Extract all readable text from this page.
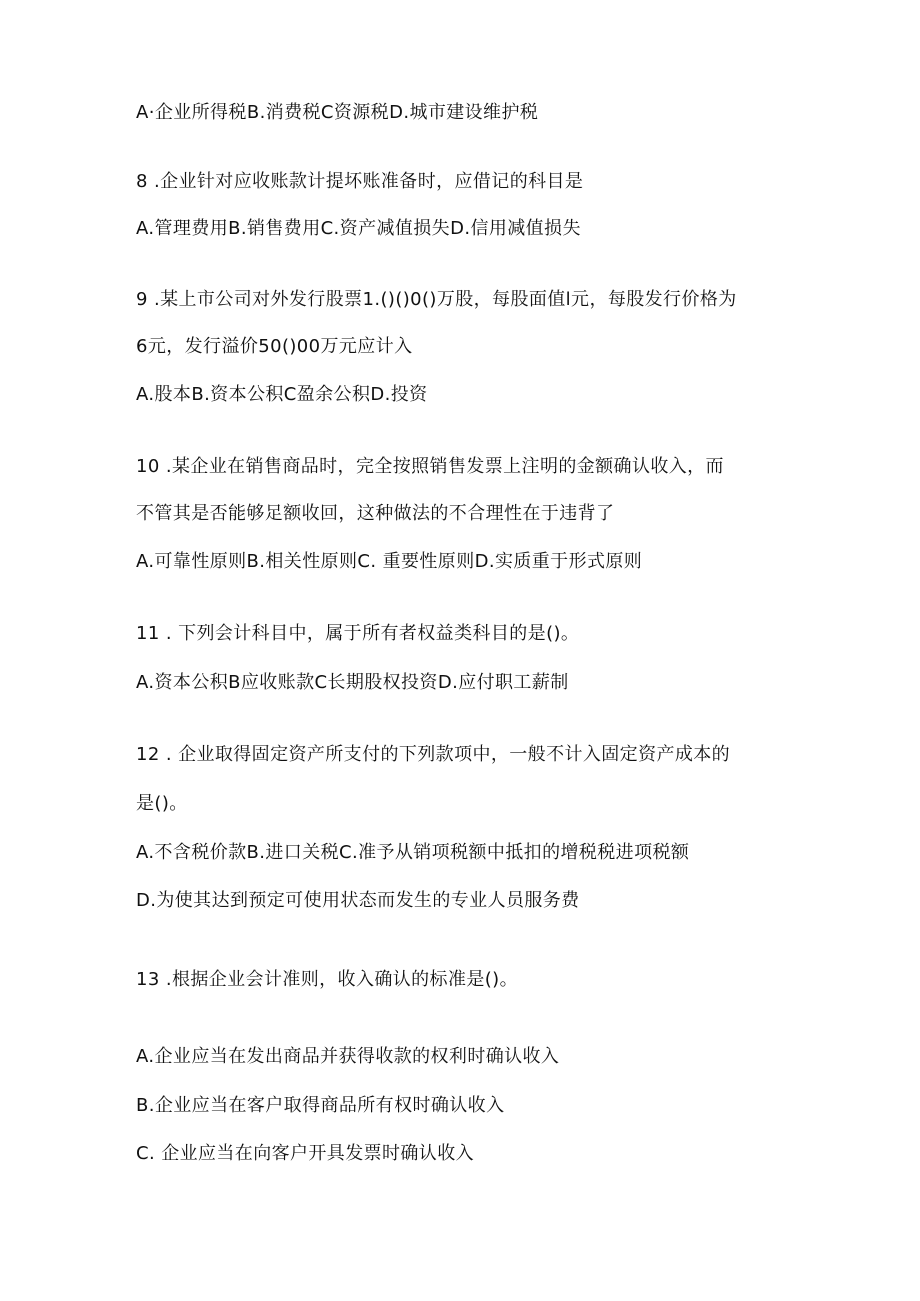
A·企业所得税B.消费税C资源税D.城市建设维护税
8 .企业针对应收账款计提坏账准备时，应借记的科目是
A.管理费用B.销售费用C.资产减值损失D.信用减值损失
9 .某上市公司对外发行股票1.()()0()万股，每股面值l元，每股发行价格为
6元，发行溢价50()00万元应计入
A.股本B.资本公积C盈余公积D.投资
10 .某企业在销售商品时，完全按照销售发票上注明的金额确认收入，而
不管其是否能够足额收回，这种做法的不合理性在于违背了
A.可靠性原则B.相关性原则C. 重要性原则D.实质重于形式原则
11 . 下列会计科目中，属于所有者权益类科目的是()。
A.资本公积B应收账款C长期股权投资D.应付职工薪制
12 . 企业取得固定资产所支付的下列款项中，一般不计入固定资产成本的
是()。
A.不含税价款B.进口关税C.准予从销项税额中抵扣的增税税进项税额
D.为使其达到预定可使用状态而发生的专业人员服务费
13 .根据企业会计准则，收入确认的标准是()。
A.企业应当在发出商品并获得收款的权利时确认收入
B.企业应当在客户取得商品所有权时确认收入
C. 企业应当在向客户开具发票时确认收入
